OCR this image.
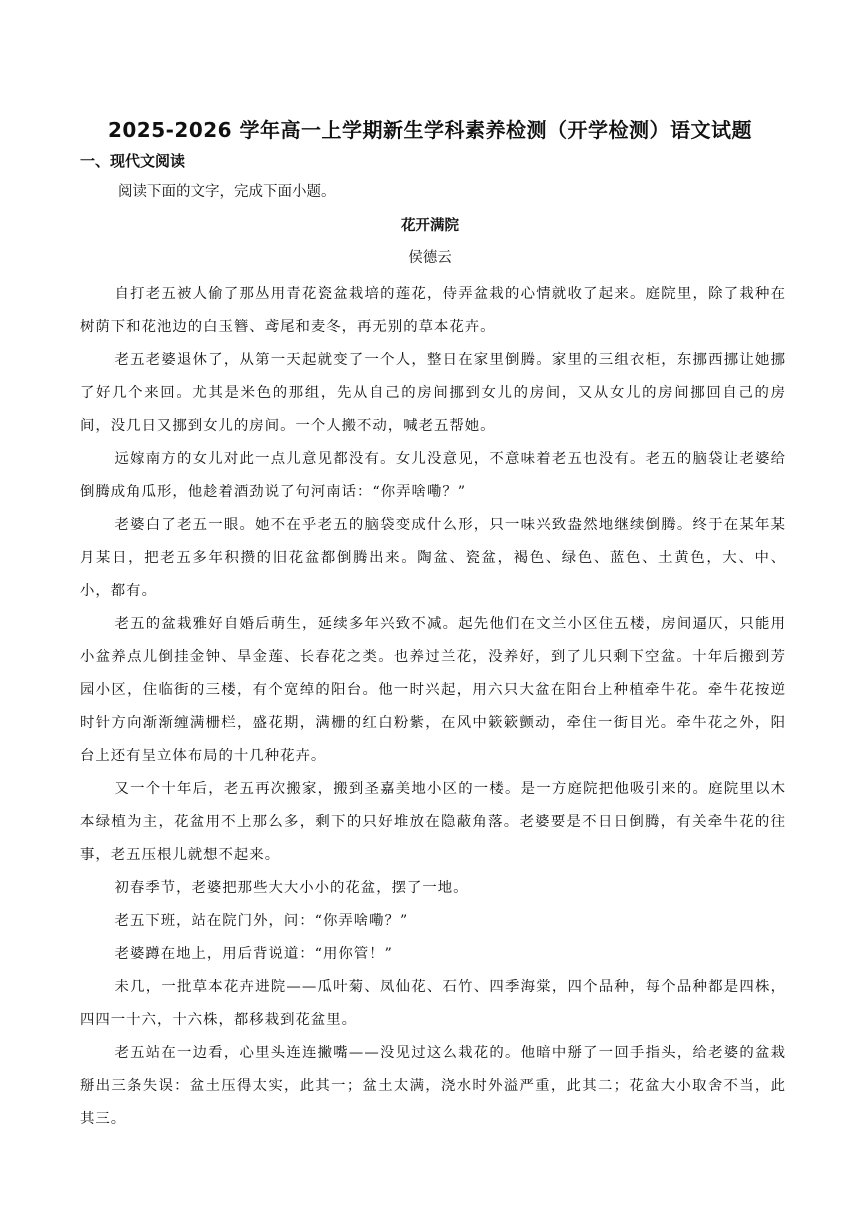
2025-2026 学年高一上学期新生学科素养检测（开学检测）语文试题
一、现代文阅读
阅读下面的文字，完成下面小题。
花开满院
侯德云

自打老五被人偷了那丛用青花瓷盆栽培的莲花，侍弄盆栽的心情就收了起来。庭院里，除了栽种在树荫下和花池边的白玉簪、鸢尾和麦冬，再无别的草本花卉。

老五老婆退休了，从第一天起就变了一个人，整日在家里倒腾。家里的三组衣柜，东挪西挪让她挪了好几个来回。尤其是米色的那组，先从自己的房间挪到女儿的房间，又从女儿的房间挪回自己的房间，没几日又挪到女儿的房间。一个人搬不动，喊老五帮她。

远嫁南方的女儿对此一点儿意见都没有。女儿没意见，不意味着老五也没有。老五的脑袋让老婆给倒腾成角瓜形，他趁着酒劲说了句河南话：“你弄啥嘞？”

老婆白了老五一眼。她不在乎老五的脑袋变成什么形，只一味兴致盎然地继续倒腾。终于在某年某月某日，把老五多年积攒的旧花盆都倒腾出来。陶盆、瓷盆，褐色、绿色、蓝色、土黄色，大、中、小，都有。

老五的盆栽雅好自婚后萌生，延续多年兴致不减。起先他们在文兰小区住五楼，房间逼仄，只能用小盆养点儿倒挂金钟、旱金莲、长春花之类。也养过兰花，没养好，到了儿只剩下空盆。十年后搬到芳园小区，住临街的三楼，有个宽绰的阳台。他一时兴起，用六只大盆在阳台上种植牵牛花。牵牛花按逆时针方向渐渐缠满栅栏，盛花期，满栅的红白粉紫，在风中簌簌颤动，牵住一街目光。牵牛花之外，阳台上还有呈立体布局的十几种花卉。

又一个十年后，老五再次搬家，搬到圣嘉美地小区的一楼。是一方庭院把他吸引来的。庭院里以木本绿植为主，花盆用不上那么多，剩下的只好堆放在隐蔽角落。老婆要是不日日倒腾，有关牵牛花的往事，老五压根儿就想不起来。

初春季节，老婆把那些大大小小的花盆，摆了一地。

老五下班，站在院门外，问：“你弄啥嘞？”

老婆蹲在地上，用后背说道：“用你管！”

未几，一批草本花卉进院——瓜叶菊、凤仙花、石竹、四季海棠，四个品种，每个品种都是四株，四四一十六，十六株，都移栽到花盆里。

老五站在一边看，心里头连连撇嘴——没见过这么栽花的。他暗中掰了一回手指头，给老婆的盆栽掰出三条失误：盆土压得太实，此其一；盆土太满，浇水时外溢严重，此其二；花盆大小取舍不当，此其三。
